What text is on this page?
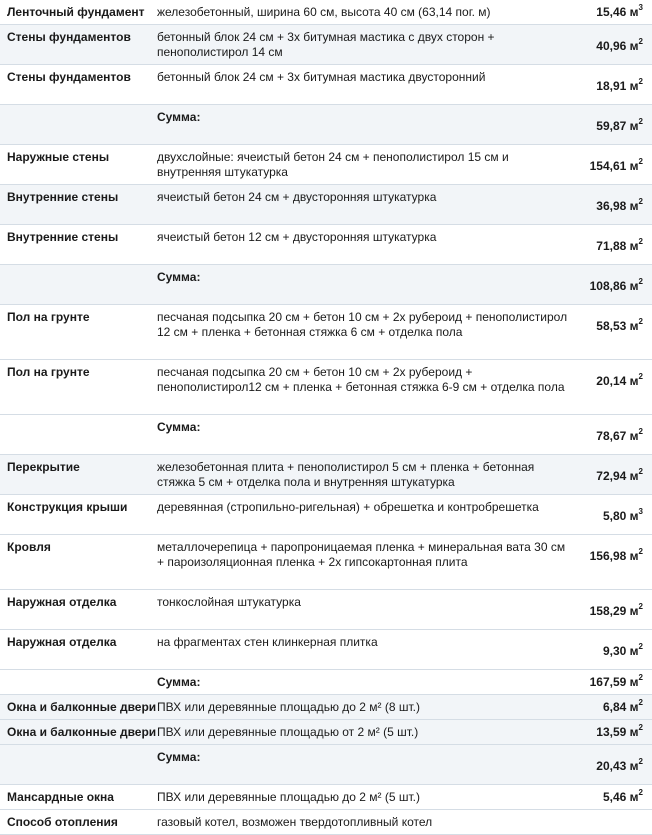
Ленточный фундамент	железобетонный, ширина 60 см, высота 40 см (63,14 пог. м)	15,46 $м^3$
Стены фундаментов	бетонный блок 24 см + 3х битумная мастика с двух сторон + пенополистирол 14 см	40,96 $м^2$
Стены фундаментов	бетонный блок 24 см + 3х битумная мастика двусторонний	18,91 $м^2$
	Сумма:	59,87 $м^2$
Наружные стены	двухслойные: ячеистый бетон 24 см + пенополистирол 15 см и внутренняя штукатурка	154,61 $м^2$
Внутренние стены	ячеистый бетон 24 см + двусторонняя штукатурка	36,98 $м^2$
Внутренние стены	ячеистый бетон 12 см + двусторонняя штукатурка	71,88 $м^2$
	Сумма:	108,86 $м^2$
Пол на грунте	песчаная подсыпка 20 см + бетон 10 см + 2х рубероид + пенополистирол 12 см + пленка + бетонная стяжка 6 см + отделка пола	58,53 $м^2$
Пол на грунте	песчаная подсыпка 20 см + бетон 10 см + 2х рубероид + пенополистирол12 см + пленка + бетонная стяжка 6-9 см + отделка пола	20,14 $м^2$
	Сумма:	78,67 $м^2$
Перекрытие	железобетонная плита + пенополистирол 5 см + пленка + бетонная стяжка 5 см + отделка пола и внутренняя штукатурка	72,94 $м^2$
Конструкция крыши	деревянная (стропильно-ригельная) + обрешетка и контробрешетка	5,80 $м^3$
Кровля	металлочерепица + паропроницаемая пленка + минеральная вата 30 см + пароизоляционная пленка + 2х гипсокартонная плита	156,98 $м^2$
Наружная отделка	тонкослойная штукатурка	158,29 $м^2$
Наружная отделка	на фрагментах стен клинкерная плитка	9,30 $м^2$
	Сумма:	167,59 $м^2$
Окна и балконные двери	ПВХ или деревянные площадью до 2 м² (8 шт.)	6,84 $м^2$
Окна и балконные двери	ПВХ или деревянные площадью от 2 м² (5 шт.)	13,59 $м^2$
	Сумма:	20,43 $м^2$
Мансардные окна	ПВХ или деревянные площадью до 2 м² (5 шт.)	5,46 $м^2$
Способ отопления	газовый котел, возможен твердотопливный котел	
